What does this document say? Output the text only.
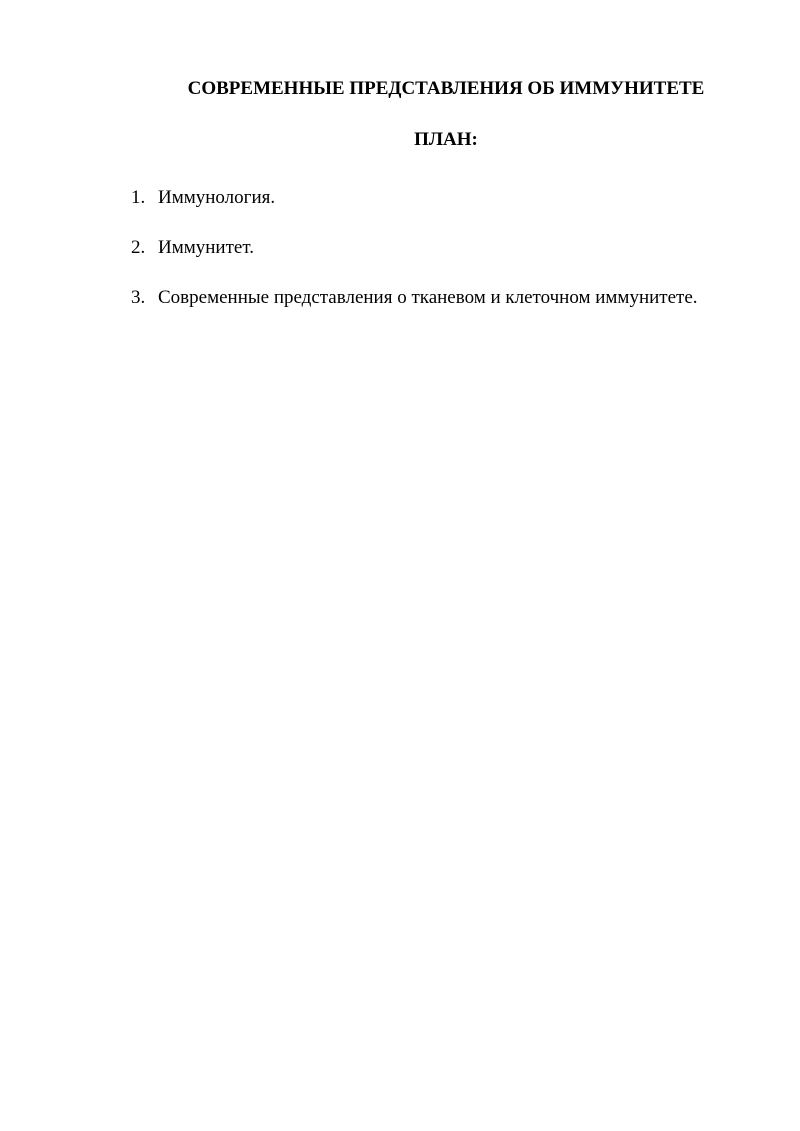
СОВРЕМЕННЫЕ ПРЕДСТАВЛЕНИЯ ОБ ИММУНИТЕТЕ
ПЛАН:
1. Иммунология.
2. Иммунитет.
3. Современные представления о тканевом и клеточном иммунитете.
